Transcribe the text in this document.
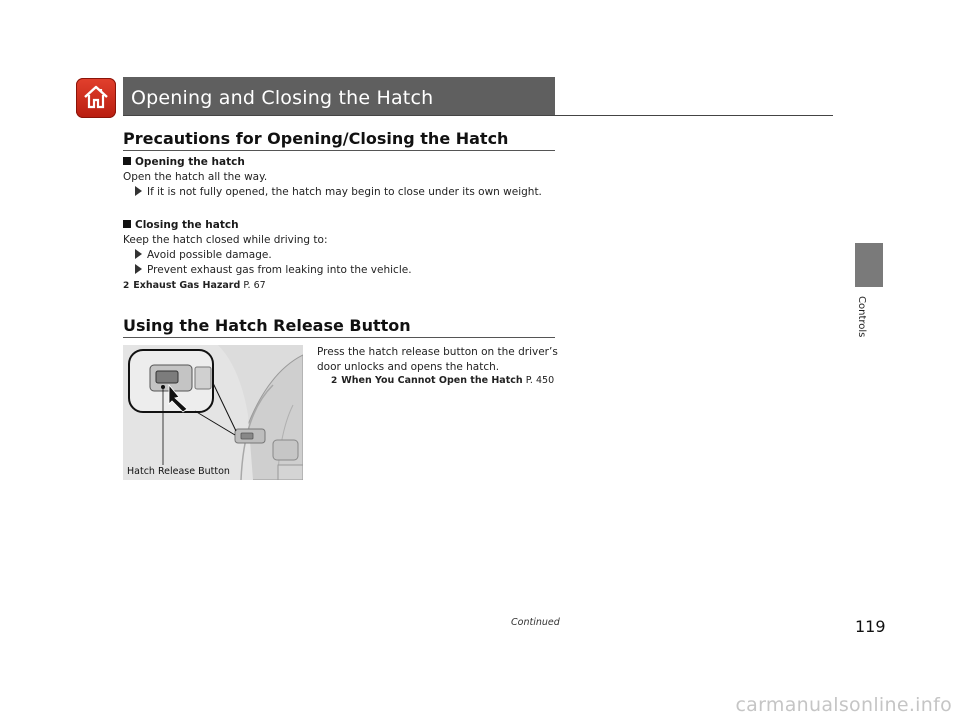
Opening and Closing the Hatch
Controls
Precautions for Opening/Closing the Hatch
Opening the hatch
Open the hatch all the way.
If it is not fully opened, the hatch may begin to close under its own weight.
Closing the hatch
Keep the hatch closed while driving to:
Avoid possible damage.
Prevent exhaust gas from leaking into the vehicle.
2 Exhaust Gas Hazard P. 67
Using the Hatch Release Button
Press the hatch release button on the driver’s
door unlocks and opens the hatch.
2 When You Cannot Open the Hatch P. 450
Hatch Release Button
Continued	119
carmanualsonline.info
